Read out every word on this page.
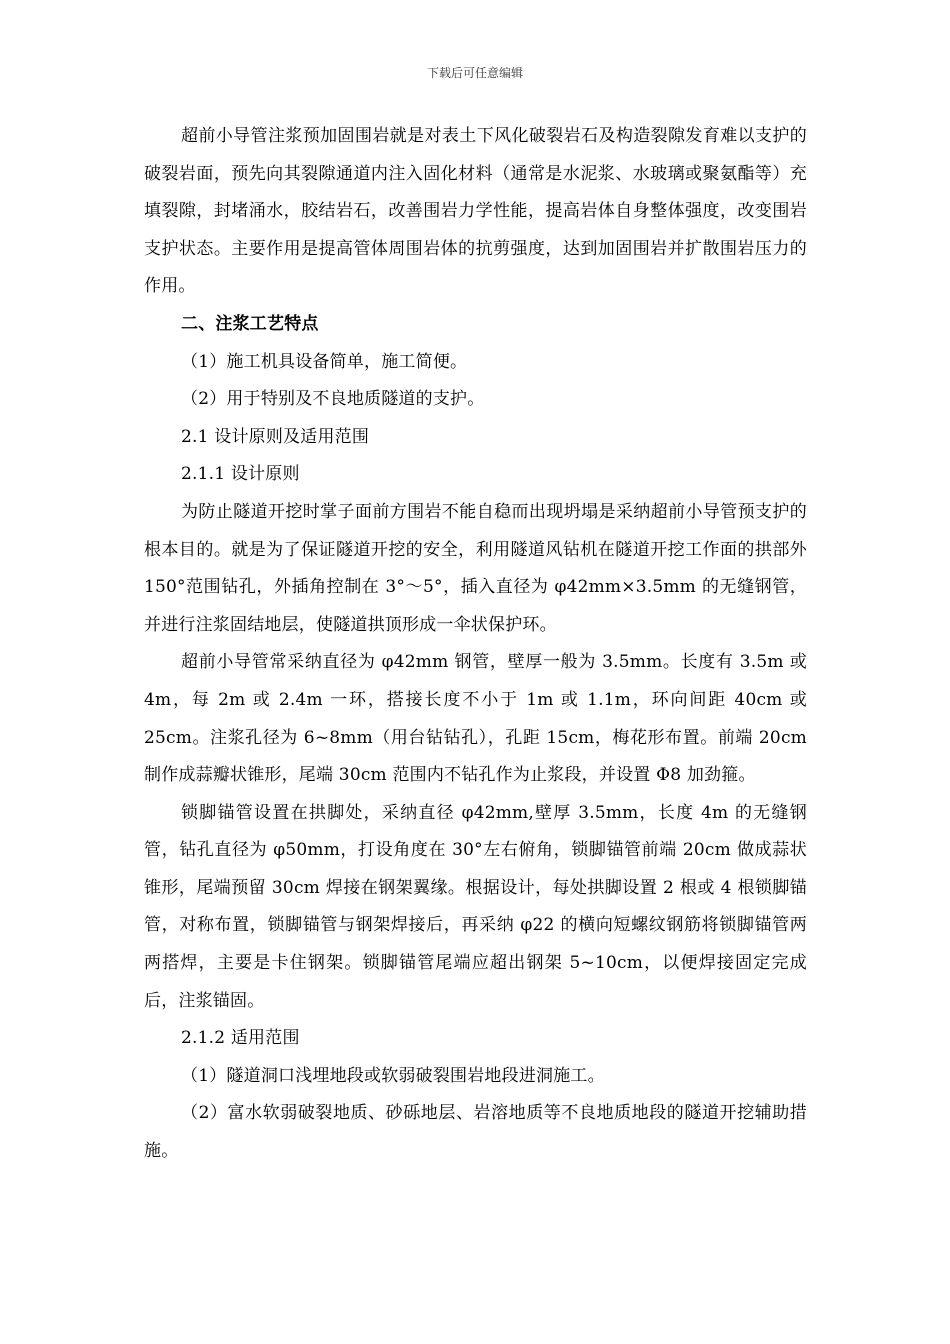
下载后可任意编辑

超前小导管注浆预加固围岩就是对表土下风化破裂岩石及构造裂隙发育难以支护的破裂岩面，预先向其裂隙通道内注入固化材料（通常是水泥浆、水玻璃或聚氨酯等）充填裂隙，封堵涌水，胶结岩石，改善围岩力学性能，提高岩体自身整体强度，改变围岩支护状态。主要作用是提高管体周围岩体的抗剪强度，达到加固围岩并扩散围岩压力的作用。

二、注浆工艺特点

（1）施工机具设备简单，施工简便。

（2）用于特别及不良地质隧道的支护。

2.1 设计原则及适用范围

2.1.1 设计原则

为防止隧道开挖时掌子面前方围岩不能自稳而出现坍塌是采纳超前小导管预支护的根本目的。就是为了保证隧道开挖的安全，利用隧道风钻机在隧道开挖工作面的拱部外 150°范围钻孔，外插角控制在 3°～5°，插入直径为 φ42mm×3.5mm 的无缝钢管，并进行注浆固结地层，使隧道拱顶形成一伞状保护环。

超前小导管常采纳直径为 φ42mm 钢管，壁厚一般为 3.5mm。长度有 3.5m 或 4m，每 2m 或 2.4m 一环，搭接长度不小于 1m 或 1.1m，环向间距 40cm 或 25cm。注浆孔径为 6~8mm（用台钻钻孔），孔距 15cm，梅花形布置。前端 20cm 制作成蒜瓣状锥形，尾端 30cm 范围内不钻孔作为止浆段，并设置 Φ8 加劲箍。

锁脚锚管设置在拱脚处，采纳直径 φ42mm,壁厚 3.5mm，长度 4m 的无缝钢管，钻孔直径为 φ50mm，打设角度在 30°左右俯角，锁脚锚管前端 20cm 做成蒜状锥形，尾端预留 30cm 焊接在钢架翼缘。根据设计，每处拱脚设置 2 根或 4 根锁脚锚管，对称布置，锁脚锚管与钢架焊接后，再采纳 φ22 的横向短螺纹钢筋将锁脚锚管两两搭焊，主要是卡住钢架。锁脚锚管尾端应超出钢架 5~10cm，以便焊接固定完成后，注浆锚固。

2.1.2 适用范围

（1）隧道洞口浅埋地段或软弱破裂围岩地段进洞施工。

（2）富水软弱破裂地质、砂砾地层、岩溶地质等不良地质地段的隧道开挖辅助措施。
